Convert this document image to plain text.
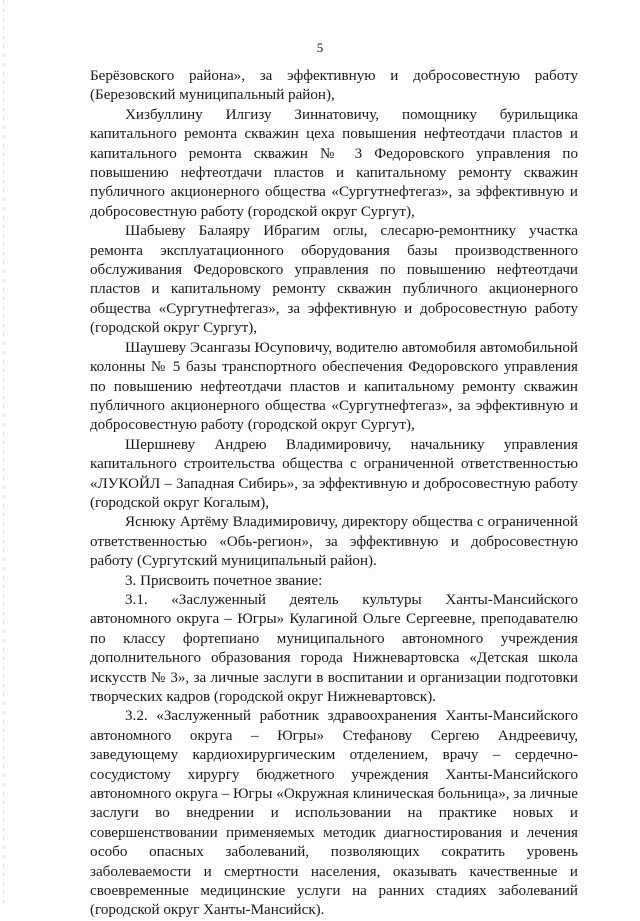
5

Берёзовского района», за эффективную и добросовестную работу (Березовский муниципальный район),

Хизбуллину Илгизу Зиннатовичу, помощнику бурильщика капитального ремонта скважин цеха повышения нефтеотдачи пластов и капитального ремонта скважин № 3 Федоровского управления по повышению нефтеотдачи пластов и капитальному ремонту скважин публичного акционерного общества «Сургутнефтегаз», за эффективную и добросовестную работу (городской округ Сургут),

Шабыеву Балаяру Ибрагим оглы, слесарю-ремонтнику участка ремонта эксплуатационного оборудования базы производственного обслуживания Федоровского управления по повышению нефтеотдачи пластов и капитальному ремонту скважин публичного акционерного общества «Сургутнефтегаз», за эффективную и добросовестную работу (городской округ Сургут),

Шаушеву Эсангазы Юсуповичу, водителю автомобиля автомобильной колонны № 5 базы транспортного обеспечения Федоровского управления по повышению нефтеотдачи пластов и капитальному ремонту скважин публичного акционерного общества «Сургутнефтегаз», за эффективную и добросовестную работу (городской округ Сургут),

Шершневу Андрею Владимировичу, начальнику управления капитального строительства общества с ограниченной ответственностью «ЛУКОЙЛ – Западная Сибирь», за эффективную и добросовестную работу (городской округ Когалым),

Яснюку Артёму Владимировичу, директору общества с ограниченной ответственностью «Обь-регион», за эффективную и добросовестную работу (Сургутский муниципальный район).

3. Присвоить почетное звание:

3.1. «Заслуженный деятель культуры Ханты-Мансийского автономного округа – Югры» Кулагиной Ольге Сергеевне, преподавателю по классу фортепиано муниципального автономного учреждения дополнительного образования города Нижневартовска «Детская школа искусств № 3», за личные заслуги в воспитании и организации подготовки творческих кадров (городской округ Нижневартовск).

3.2. «Заслуженный работник здравоохранения Ханты-Мансийского автономного округа – Югры» Стефанову Сергею Андреевичу, заведующему кардиохирургическим отделением, врачу – сердечно-сосудистому хирургу бюджетного учреждения Ханты-Мансийского автономного округа – Югры «Окружная клиническая больница», за личные заслуги во внедрении и использовании на практике новых и совершенствовании применяемых методик диагностирования и лечения особо опасных заболеваний, позволяющих сократить уровень заболеваемости и смертности населения, оказывать качественные и своевременные медицинские услуги на ранних стадиях заболеваний (городской округ Ханты-Мансийск).
